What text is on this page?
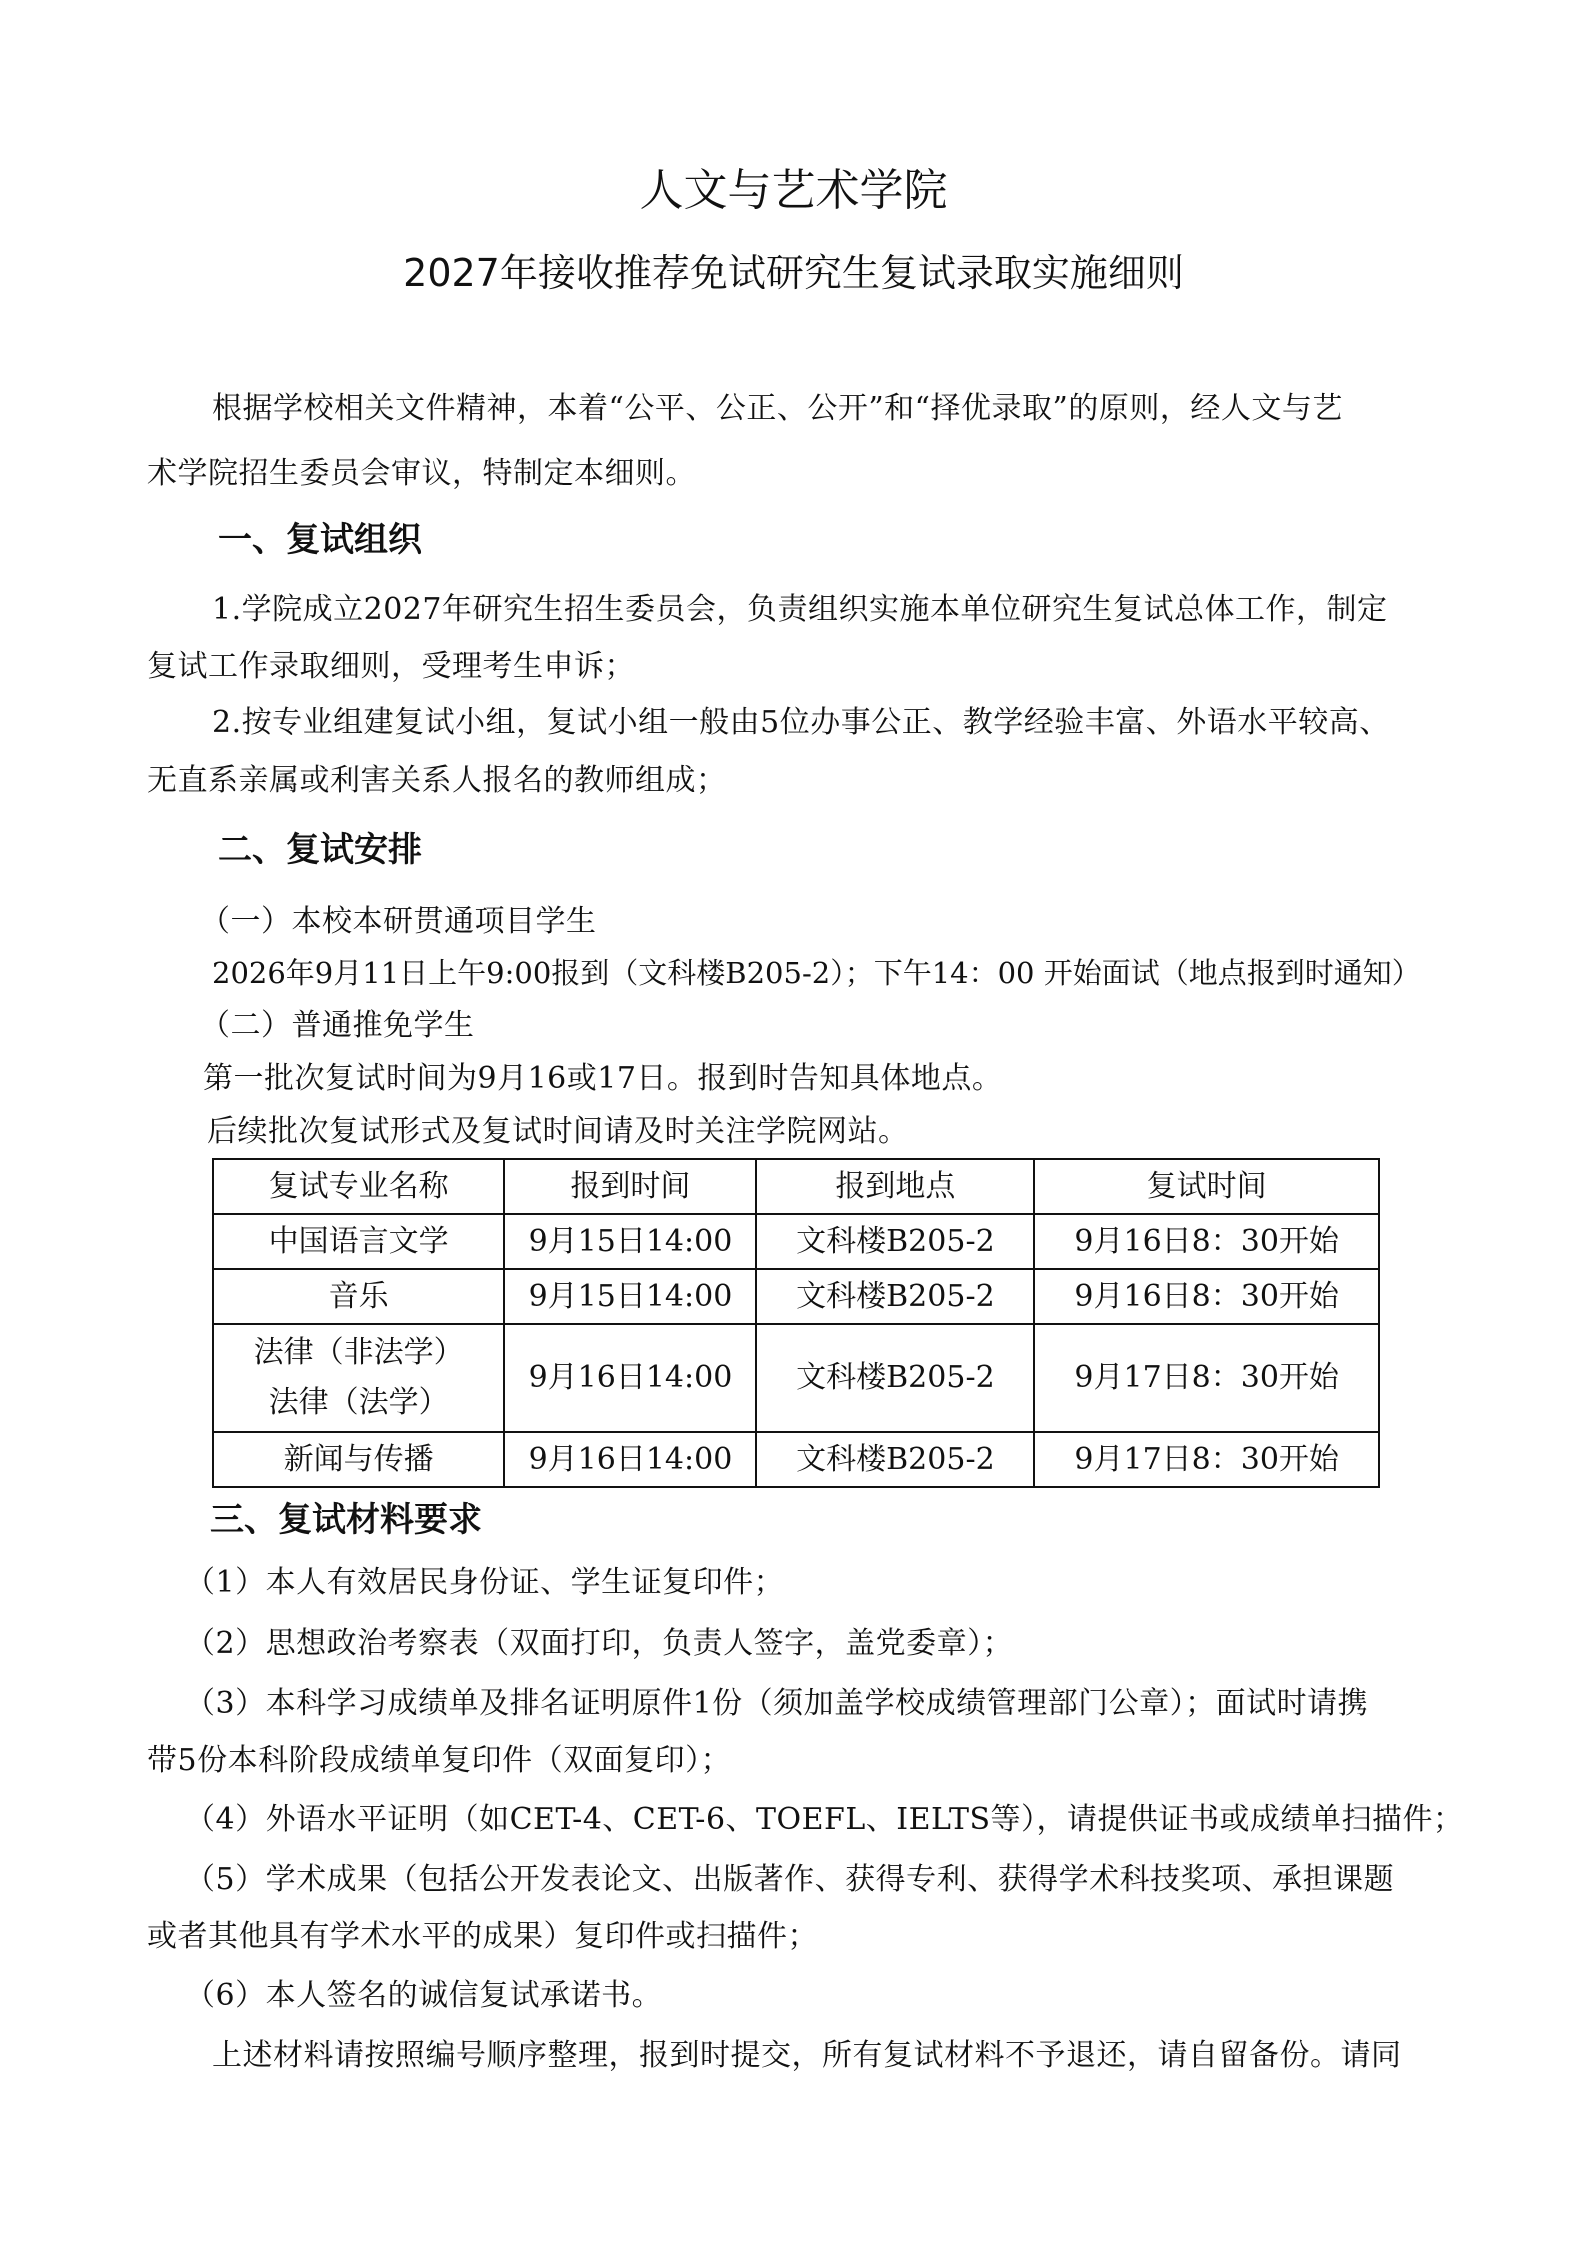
人文与艺术学院
2027年接收推荐免试研究生复试录取实施细则
根据学校相关文件精神，本着“公平、公正、公开”和“择优录取”的原则，经人文与艺
术学院招生委员会审议，特制定本细则。
一、复试组织
1.学院成立2027年研究生招生委员会，负责组织实施本单位研究生复试总体工作，制定
复试工作录取细则，受理考生申诉；
2.按专业组建复试小组，复试小组一般由5位办事公正、教学经验丰富、外语水平较高、
无直系亲属或利害关系人报名的教师组成；
二、复试安排
（一）本校本研贯通项目学生
2026年9月11日上午9:00报到（文科楼B205-2）；下午14：00 开始面试（地点报到时通知）
（二）普通推免学生
第一批次复试时间为9月16或17日。报到时告知具体地点。
后续批次复试形式及复试时间请及时关注学院网站。
复试专业名称	报到时间	报到地点	复试时间
中国语言文学	9月15日14:00	文科楼B205-2	9月16日8：30开始
音乐	9月15日14:00	文科楼B205-2	9月16日8：30开始

法律（非法学）
法律（法学）	9月16日14:00	文科楼B205-2	9月17日8：30开始
新闻与传播	9月16日14:00	文科楼B205-2	9月17日8：30开始
三、复试材料要求
（1）本人有效居民身份证、学生证复印件；
（2）思想政治考察表（双面打印，负责人签字，盖党委章）；
（3）本科学习成绩单及排名证明原件1份（须加盖学校成绩管理部门公章）；面试时请携
带5份本科阶段成绩单复印件（双面复印）；
（4）外语水平证明（如CET-4、CET-6、TOEFL、IELTS等），请提供证书或成绩单扫描件；
（5）学术成果（包括公开发表论文、出版著作、获得专利、获得学术科技奖项、承担课题
或者其他具有学术水平的成果）复印件或扫描件；
（6）本人签名的诚信复试承诺书。
上述材料请按照编号顺序整理，报到时提交，所有复试材料不予退还，请自留备份。请同
